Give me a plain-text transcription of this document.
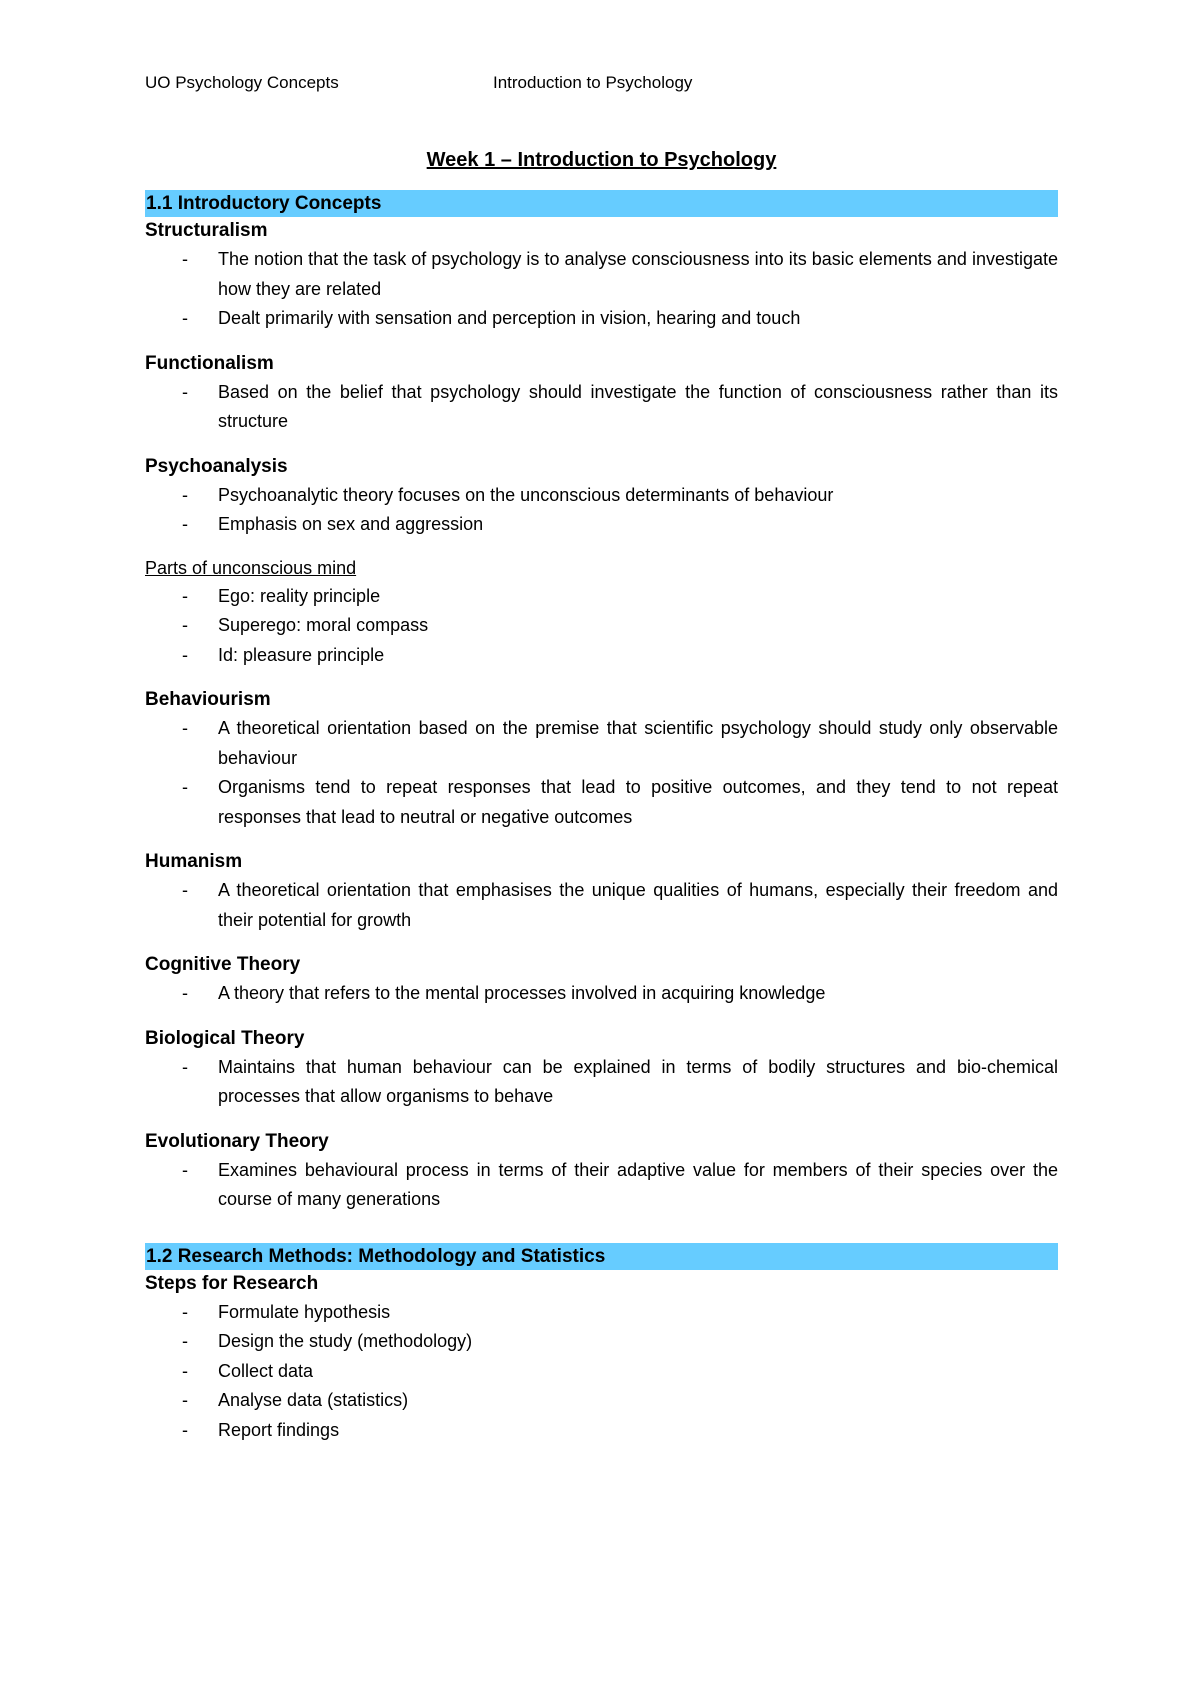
UO Psychology Concepts	Introduction to Psychology
Week 1 – Introduction to Psychology
1.1 Introductory Concepts
Structuralism
- The notion that the task of psychology is to analyse consciousness into its basic elements and investigate how they are related
- Dealt primarily with sensation and perception in vision, hearing and touch
Functionalism
- Based on the belief that psychology should investigate the function of consciousness rather than its structure
Psychoanalysis
- Psychoanalytic theory focuses on the unconscious determinants of behaviour
- Emphasis on sex and aggression
Parts of unconscious mind
- Ego: reality principle
- Superego: moral compass
- Id: pleasure principle
Behaviourism
- A theoretical orientation based on the premise that scientific psychology should study only observable behaviour
- Organisms tend to repeat responses that lead to positive outcomes, and they tend to not repeat responses that lead to neutral or negative outcomes
Humanism
- A theoretical orientation that emphasises the unique qualities of humans, especially their freedom and their potential for growth
Cognitive Theory
- A theory that refers to the mental processes involved in acquiring knowledge
Biological Theory
- Maintains that human behaviour can be explained in terms of bodily structures and bio-chemical processes that allow organisms to behave
Evolutionary Theory
- Examines behavioural process in terms of their adaptive value for members of their species over the course of many generations
1.2 Research Methods: Methodology and Statistics
Steps for Research
- Formulate hypothesis
- Design the study (methodology)
- Collect data
- Analyse data (statistics)
- Report findings
